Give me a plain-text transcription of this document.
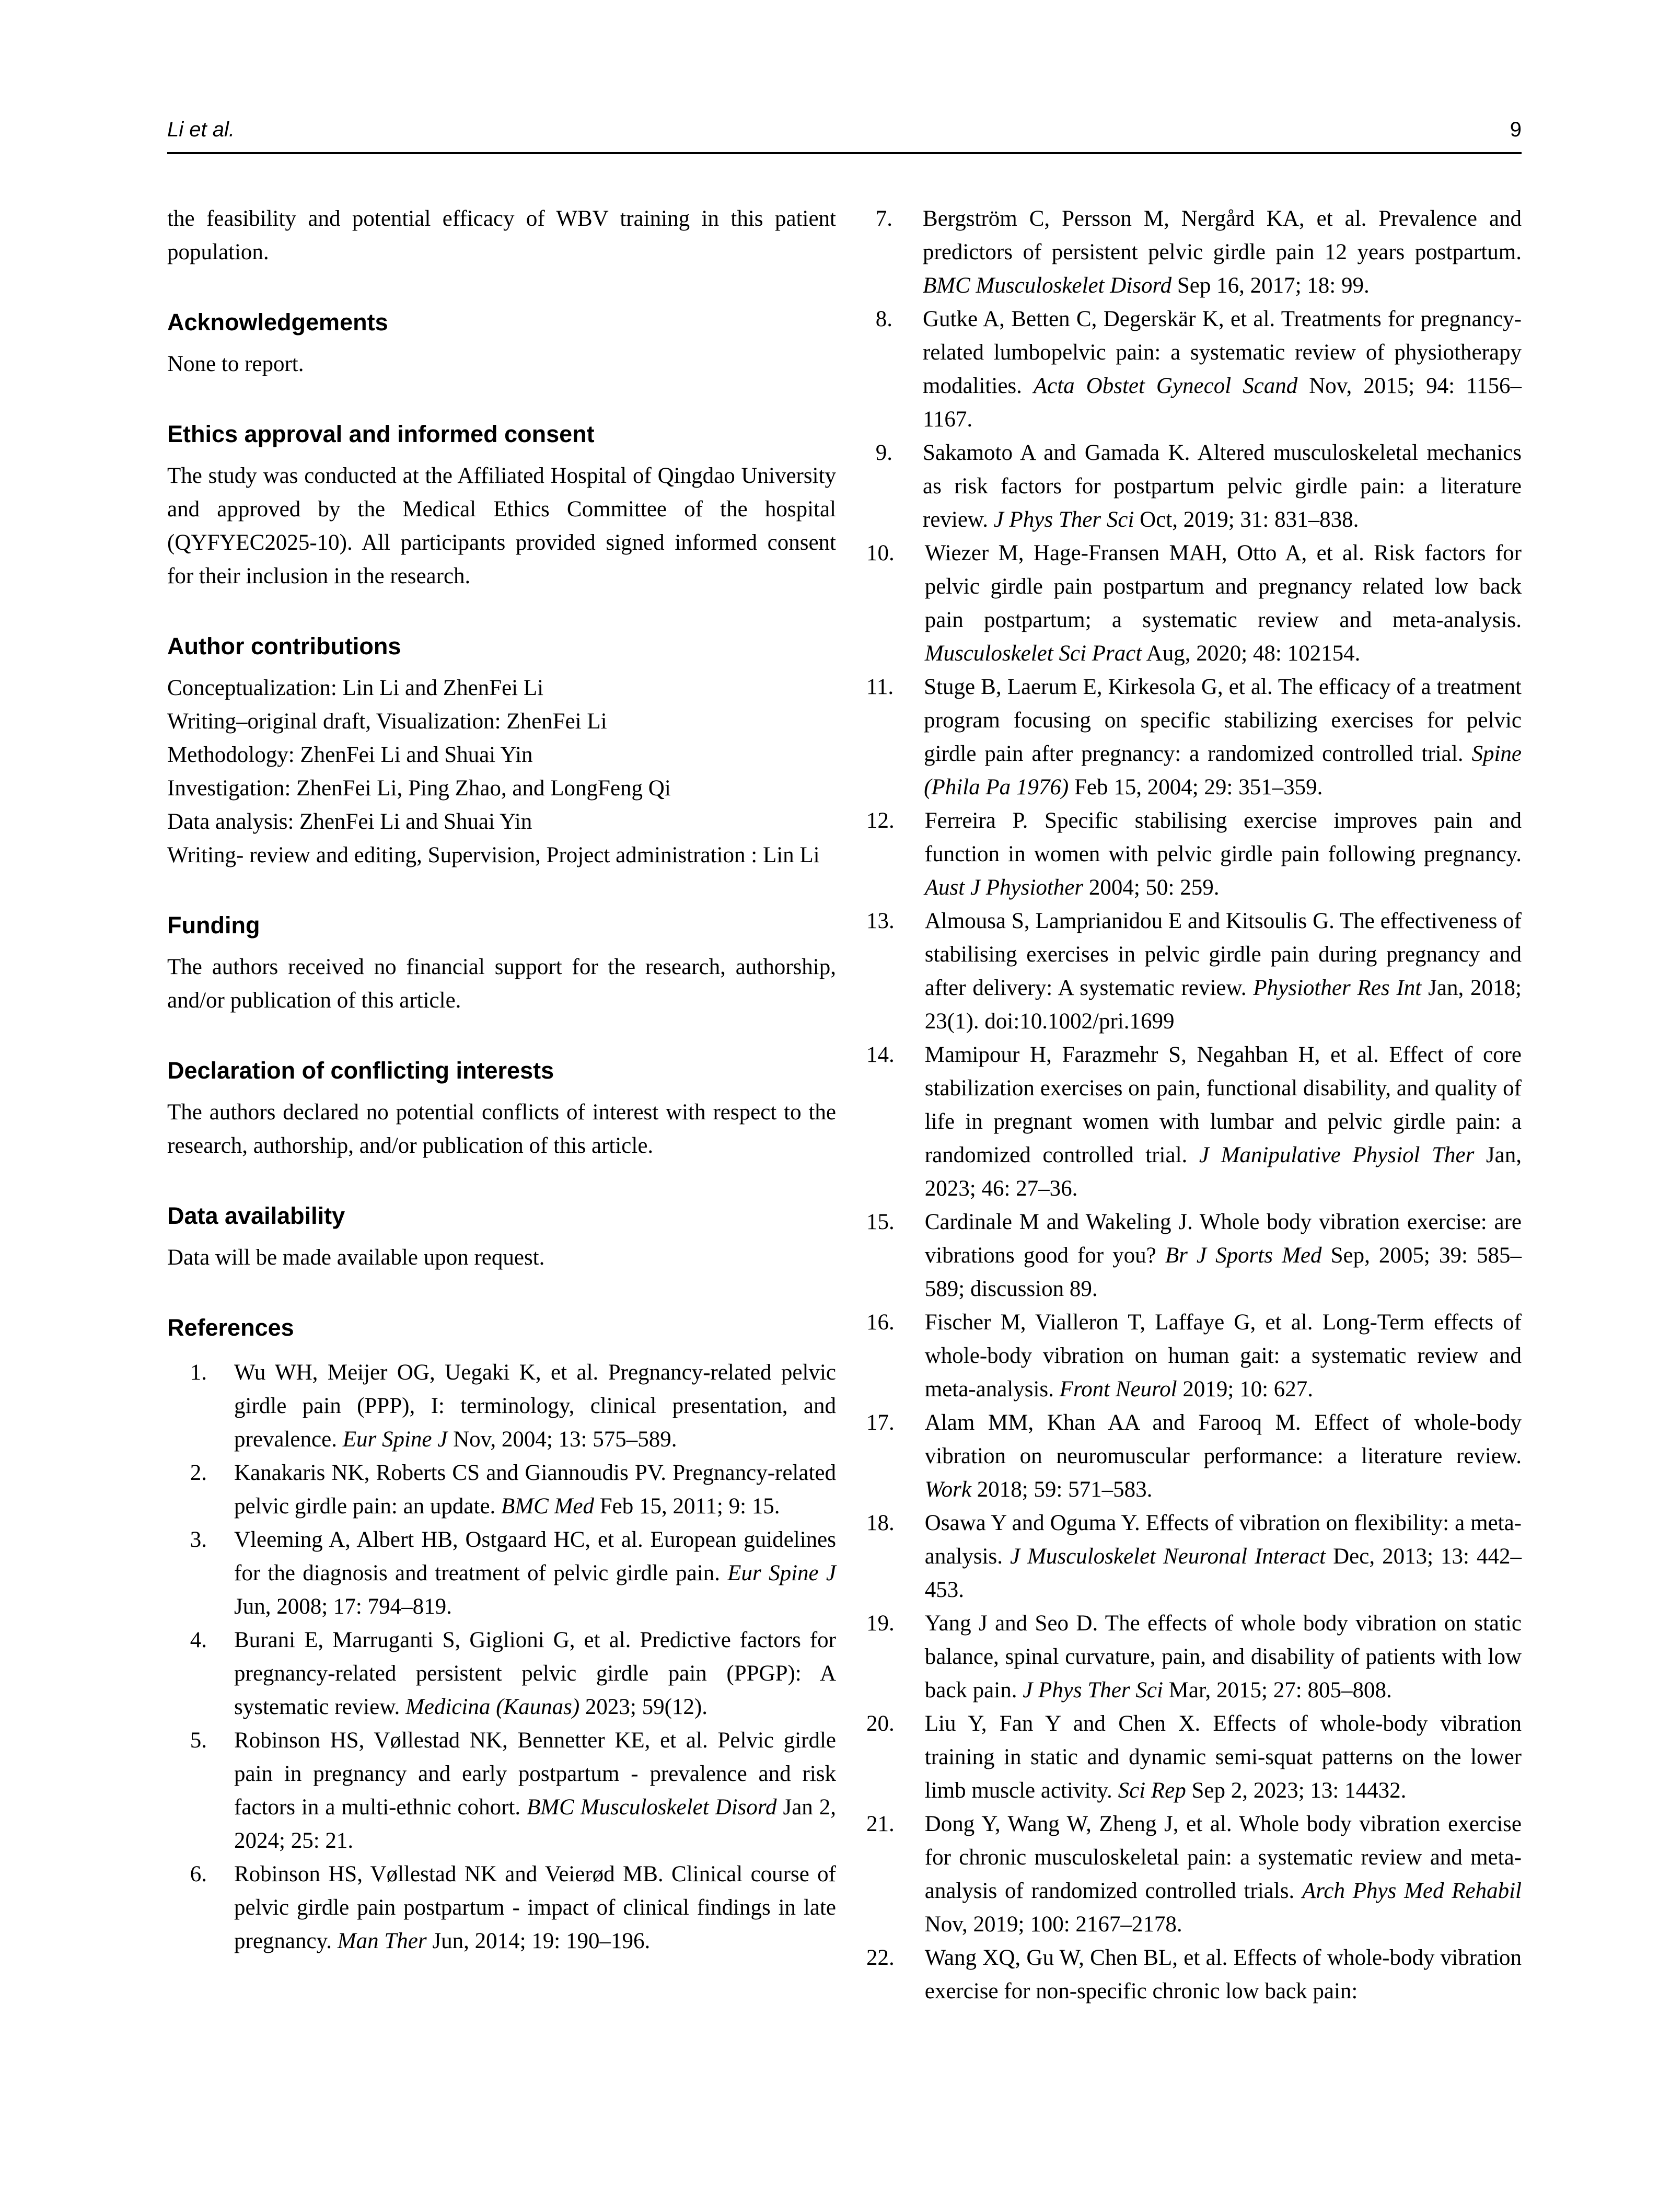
Li et al.	9

the feasibility and potential efficacy of WBV training in this patient population.

Acknowledgements

None to report.

Ethics approval and informed consent

The study was conducted at the Affiliated Hospital of Qingdao University and approved by the Medical Ethics Committee of the hospital (QYFYEC2025-10). All participants provided signed informed consent for their inclusion in the research.

Author contributions
Conceptualization: Lin Li and ZhenFei Li
Writing–original draft, Visualization: ZhenFei Li
Methodology: ZhenFei Li and Shuai Yin
Investigation: ZhenFei Li, Ping Zhao, and LongFeng Qi
Data analysis: ZhenFei Li and Shuai Yin
Writing- review and editing, Supervision, Project administration : Lin Li
Funding

The authors received no financial support for the research, authorship, and/or publication of this article.

Declaration of conflicting interests

The authors declared no potential conflicts of interest with respect to the research, authorship, and/or publication of this article.

Data availability

Data will be made available upon request.

References
1. Wu WH, Meijer OG, Uegaki K, et al. Pregnancy-related pelvic girdle pain (PPP), I: terminology, clinical presentation, and prevalence. Eur Spine J Nov, 2004; 13: 575–589.
2. Kanakaris NK, Roberts CS and Giannoudis PV. Pregnancy-related pelvic girdle pain: an update. BMC Med Feb 15, 2011; 9: 15.
3. Vleeming A, Albert HB, Ostgaard HC, et al. European guidelines for the diagnosis and treatment of pelvic girdle pain. Eur Spine J Jun, 2008; 17: 794–819.
4. Burani E, Marruganti S, Giglioni G, et al. Predictive factors for pregnancy-related persistent pelvic girdle pain (PPGP): A systematic review. Medicina (Kaunas) 2023; 59(12).
5. Robinson HS, Vøllestad NK, Bennetter KE, et al. Pelvic girdle pain in pregnancy and early postpartum - prevalence and risk factors in a multi-ethnic cohort. BMC Musculoskelet Disord Jan 2, 2024; 25: 21.
6. Robinson HS, Vøllestad NK and Veierød MB. Clinical course of pelvic girdle pain postpartum - impact of clinical findings in late pregnancy. Man Ther Jun, 2014; 19: 190–196.
7. Bergström C, Persson M, Nergård KA, et al. Prevalence and predictors of persistent pelvic girdle pain 12 years postpartum. BMC Musculoskelet Disord Sep 16, 2017; 18: 99.
8. Gutke A, Betten C, Degerskär K, et al. Treatments for pregnancy-related lumbopelvic pain: a systematic review of physiotherapy modalities. Acta Obstet Gynecol Scand Nov, 2015; 94: 1156–1167.
9. Sakamoto A and Gamada K. Altered musculoskeletal mechanics as risk factors for postpartum pelvic girdle pain: a literature review. J Phys Ther Sci Oct, 2019; 31: 831–838.
10. Wiezer M, Hage-Fransen MAH, Otto A, et al. Risk factors for pelvic girdle pain postpartum and pregnancy related low back pain postpartum; a systematic review and meta-analysis. Musculoskelet Sci Pract Aug, 2020; 48: 102154.
11. Stuge B, Laerum E, Kirkesola G, et al. The efficacy of a treatment program focusing on specific stabilizing exercises for pelvic girdle pain after pregnancy: a randomized controlled trial. Spine (Phila Pa 1976) Feb 15, 2004; 29: 351–359.
12. Ferreira P. Specific stabilising exercise improves pain and function in women with pelvic girdle pain following pregnancy. Aust J Physiother 2004; 50: 259.
13. Almousa S, Lamprianidou E and Kitsoulis G. The effectiveness of stabilising exercises in pelvic girdle pain during pregnancy and after delivery: A systematic review. Physiother Res Int Jan, 2018; 23(1). doi:10.1002/pri.1699
14. Mamipour H, Farazmehr S, Negahban H, et al. Effect of core stabilization exercises on pain, functional disability, and quality of life in pregnant women with lumbar and pelvic girdle pain: a randomized controlled trial. J Manipulative Physiol Ther Jan, 2023; 46: 27–36.
15. Cardinale M and Wakeling J. Whole body vibration exercise: are vibrations good for you? Br J Sports Med Sep, 2005; 39: 585–589; discussion 89.
16. Fischer M, Vialleron T, Laffaye G, et al. Long-Term effects of whole-body vibration on human gait: a systematic review and meta-analysis. Front Neurol 2019; 10: 627.
17. Alam MM, Khan AA and Farooq M. Effect of whole-body vibration on neuromuscular performance: a literature review. Work 2018; 59: 571–583.
18. Osawa Y and Oguma Y. Effects of vibration on flexibility: a meta-analysis. J Musculoskelet Neuronal Interact Dec, 2013; 13: 442–453.
19. Yang J and Seo D. The effects of whole body vibration on static balance, spinal curvature, pain, and disability of patients with low back pain. J Phys Ther Sci Mar, 2015; 27: 805–808.
20. Liu Y, Fan Y and Chen X. Effects of whole-body vibration training in static and dynamic semi-squat patterns on the lower limb muscle activity. Sci Rep Sep 2, 2023; 13: 14432.
21. Dong Y, Wang W, Zheng J, et al. Whole body vibration exercise for chronic musculoskeletal pain: a systematic review and meta-analysis of randomized controlled trials. Arch Phys Med Rehabil Nov, 2019; 100: 2167–2178.
22. Wang XQ, Gu W, Chen BL, et al. Effects of whole-body vibration exercise for non-specific chronic low back pain:
